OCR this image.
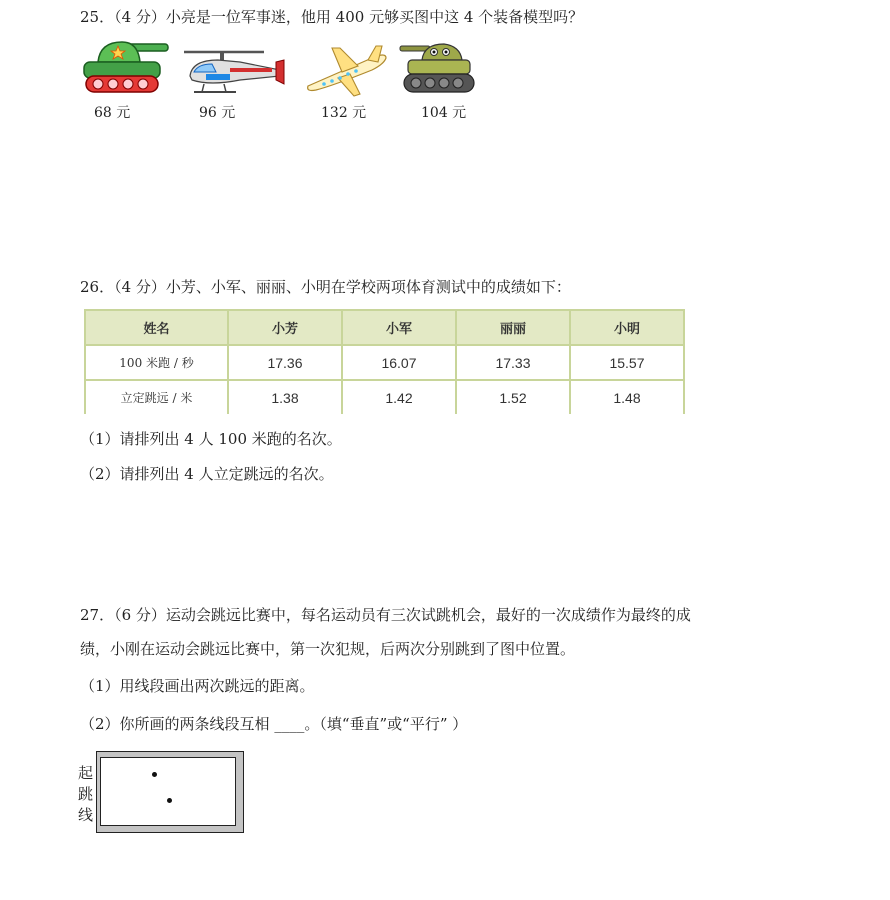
25．（4 分）小亮是一位军事迷，他用 400 元够买图中这 4 个装备模型吗？
68 元	96 元	132 元	104 元
26．（4 分）小芳、小军、丽丽、小明在学校两项体育测试中的成绩如下：
姓名	小芳	小军	丽丽	小明
100 米跑 / 秒	17.36	16.07	17.33	15.57
立定跳远 / 米	1.38	1.42	1.52	1.48
（1）请排列出 4 人 100 米跑的名次。
（2）请排列出 4 人立定跳远的名次。
27．（6 分）运动会跳远比赛中，每名运动员有三次试跳机会，最好的一次成绩作为最终的成
绩，小刚在运动会跳远比赛中，第一次犯规，后两次分别跳到了图中位置。
（1）用线段画出两次跳远的距离。
（2）你所画的两条线段互相 ____。（填“垂直”或“平行” ）
起跳线
